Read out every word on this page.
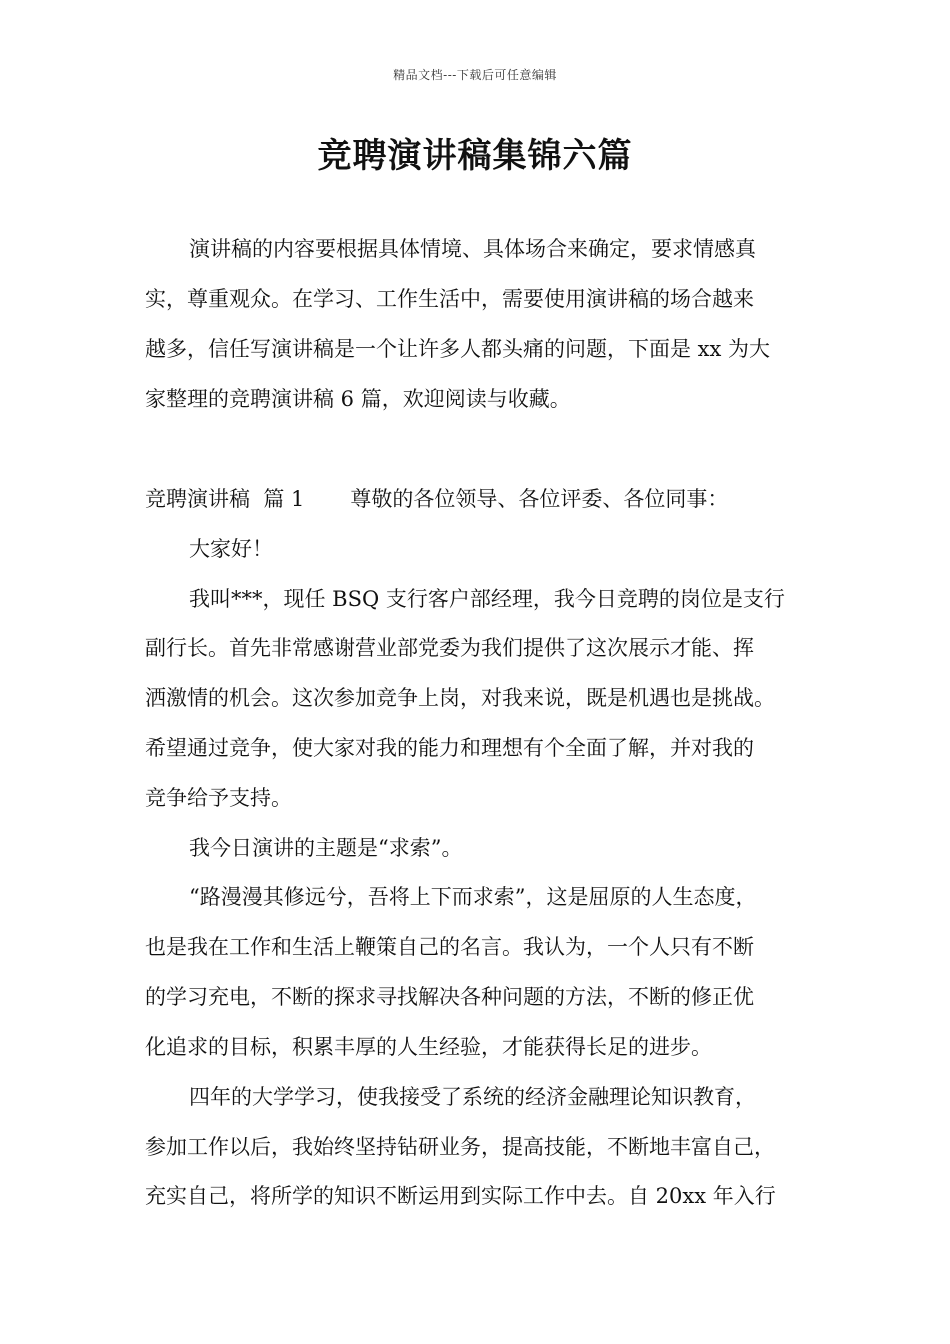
精品文档---下载后可任意编辑
竞聘演讲稿集锦六篇
演讲稿的内容要根据具体情境、具体场合来确定，要求情感真
实，尊重观众。在学习、工作生活中，需要使用演讲稿的场合越来
越多，信任写演讲稿是一个让许多人都头痛的问题，下面是 xx 为大
家整理的竞聘演讲稿 6 篇，欢迎阅读与收藏。
竞聘演讲稿  篇 1 尊敬的各位领导、各位评委、各位同事：
大家好！
我叫***，现任 BSQ 支行客户部经理，我今日竞聘的岗位是支行
副行长。首先非常感谢营业部党委为我们提供了这次展示才能、挥
洒激情的机会。这次参加竞争上岗，对我来说，既是机遇也是挑战。
希望通过竞争，使大家对我的能力和理想有个全面了解，并对我的
竞争给予支持。
我今日演讲的主题是“求索”。
“路漫漫其修远兮，吾将上下而求索”，这是屈原的人生态度，
也是我在工作和生活上鞭策自己的名言。我认为，一个人只有不断
的学习充电，不断的探求寻找解决各种问题的方法，不断的修正优
化追求的目标，积累丰厚的人生经验，才能获得长足的进步。
四年的大学学习，使我接受了系统的经济金融理论知识教育，
参加工作以后，我始终坚持钻研业务，提高技能，不断地丰富自己，
充实自己，将所学的知识不断运用到实际工作中去。自 20xx 年入行
